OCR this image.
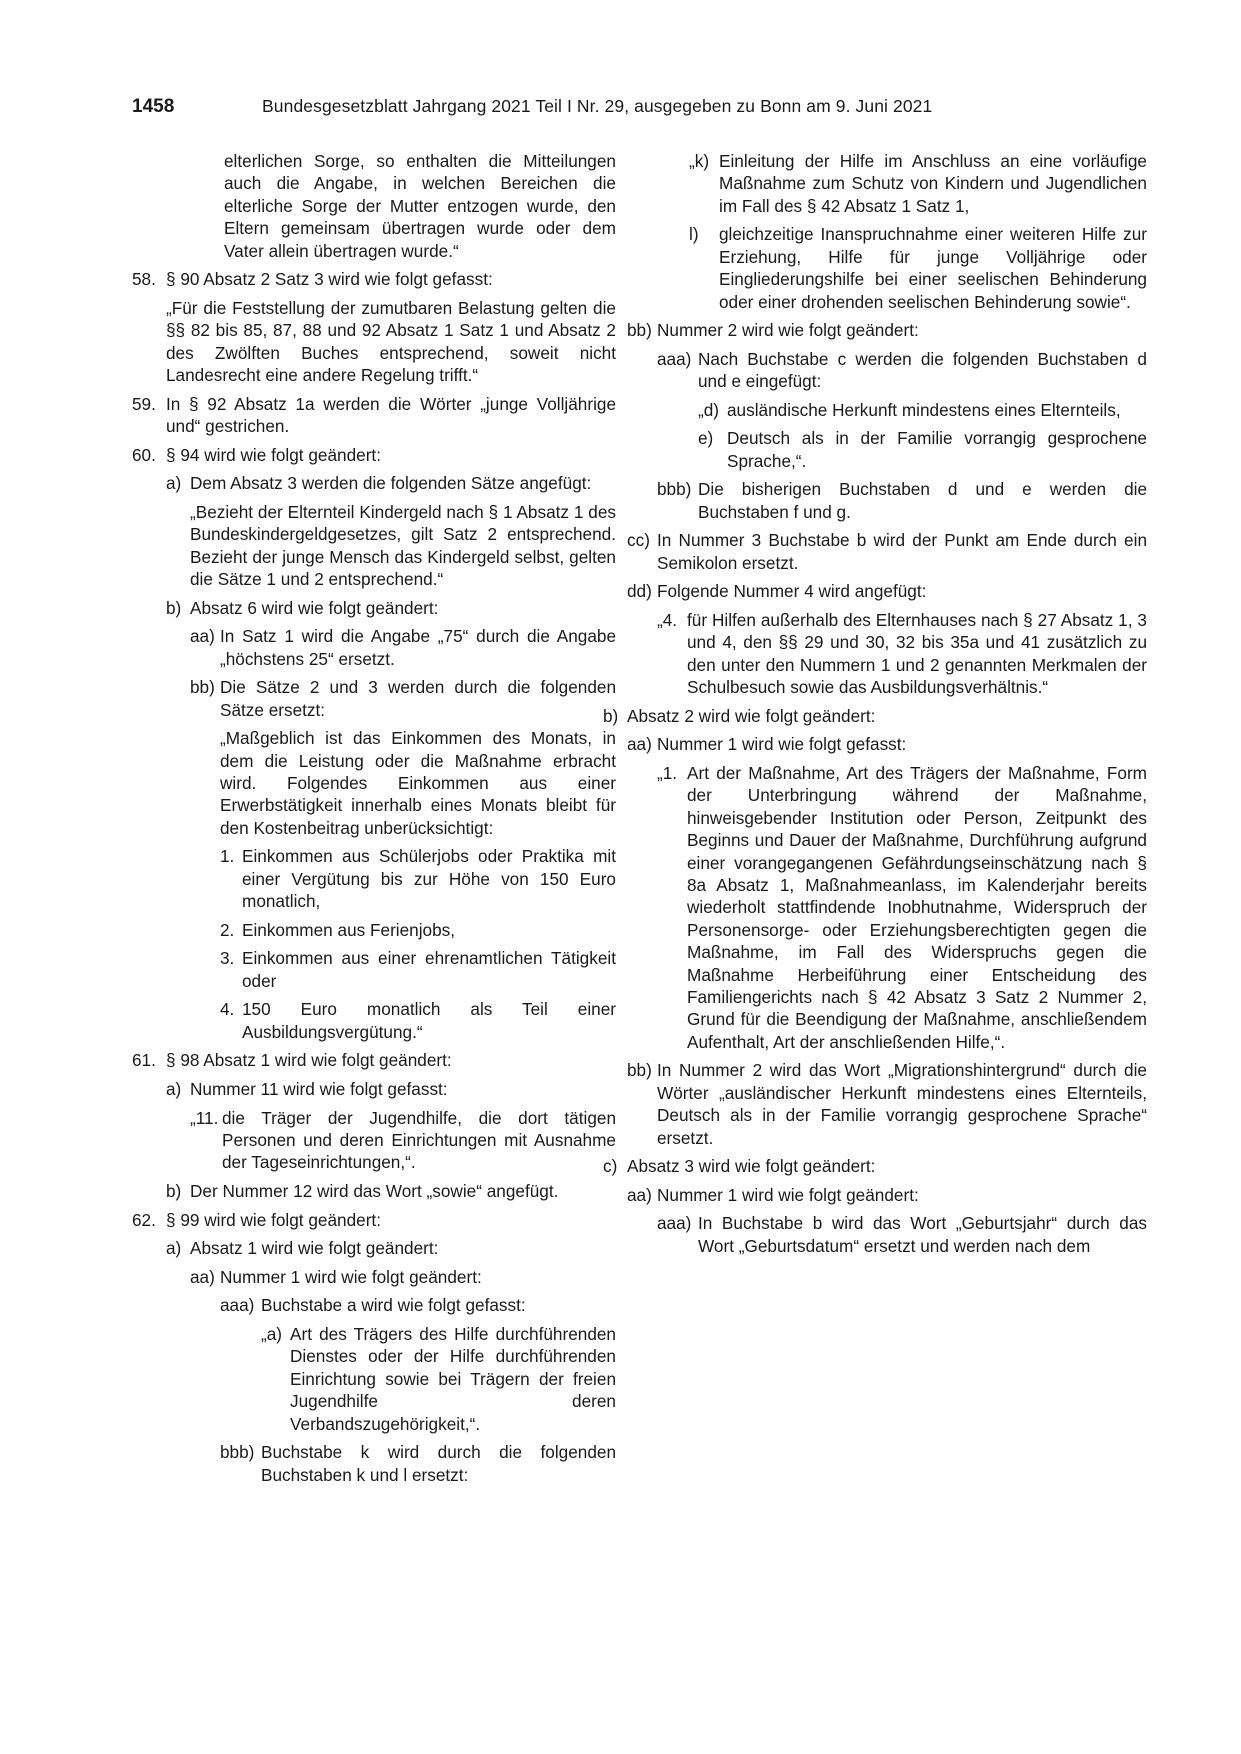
1458	Bundesgesetzblatt Jahrgang 2021 Teil I Nr. 29, ausgegeben zu Bonn am 9. Juni 2021
elterlichen Sorge, so enthalten die Mitteilungen auch die Angabe, in welchen Bereichen die elterliche Sorge der Mutter entzogen wurde, den Eltern gemeinsam übertragen wurde oder dem Vater allein übertragen wurde.“
58. § 90 Absatz 2 Satz 3 wird wie folgt gefasst:
„Für die Feststellung der zumutbaren Belastung gelten die §§ 82 bis 85, 87, 88 und 92 Absatz 1 Satz 1 und Absatz 2 des Zwölften Buches entsprechend, soweit nicht Landesrecht eine andere Regelung trifft.“
59. In § 92 Absatz 1a werden die Wörter „junge Volljährige und“ gestrichen.
60. § 94 wird wie folgt geändert:
a) Dem Absatz 3 werden die folgenden Sätze angefügt:
„Bezieht der Elternteil Kindergeld nach § 1 Absatz 1 des Bundeskindergeldgesetzes, gilt Satz 2 entsprechend. Bezieht der junge Mensch das Kindergeld selbst, gelten die Sätze 1 und 2 entsprechend.“
b) Absatz 6 wird wie folgt geändert:
aa) In Satz 1 wird die Angabe „75“ durch die Angabe „höchstens 25“ ersetzt.
bb) Die Sätze 2 und 3 werden durch die folgenden Sätze ersetzt:
„Maßgeblich ist das Einkommen des Monats, in dem die Leistung oder die Maßnahme erbracht wird. Folgendes Einkommen aus einer Erwerbstätigkeit innerhalb eines Monats bleibt für den Kostenbeitrag unberücksichtigt:
1. Einkommen aus Schülerjobs oder Praktika mit einer Vergütung bis zur Höhe von 150 Euro monatlich,
2. Einkommen aus Ferienjobs,
3. Einkommen aus einer ehrenamtlichen Tätigkeit oder
4. 150 Euro monatlich als Teil einer Ausbildungsvergütung.“
61. § 98 Absatz 1 wird wie folgt geändert:
a) Nummer 11 wird wie folgt gefasst:
„11. die Träger der Jugendhilfe, die dort tätigen Personen und deren Einrichtungen mit Ausnahme der Tageseinrichtungen,“.
b) Der Nummer 12 wird das Wort „sowie“ angefügt.
62. § 99 wird wie folgt geändert:
a) Absatz 1 wird wie folgt geändert:
aa) Nummer 1 wird wie folgt geändert:
aaa) Buchstabe a wird wie folgt gefasst:
„a) Art des Trägers des Hilfe durchführenden Dienstes oder der Hilfe durchführenden Einrichtung sowie bei Trägern der freien Jugendhilfe deren Verbandszugehörigkeit,“.
bbb) Buchstabe k wird durch die folgenden Buchstaben k und l ersetzt:
„k) Einleitung der Hilfe im Anschluss an eine vorläufige Maßnahme zum Schutz von Kindern und Jugendlichen im Fall des § 42 Absatz 1 Satz 1,
l)	gleichzeitige Inanspruchnahme einer weiteren Hilfe zur Erziehung, Hilfe für junge Volljährige oder Eingliederungshilfe bei einer seelischen Behinderung oder einer drohenden seelischen Behinderung sowie“.
bb) Nummer 2 wird wie folgt geändert:
aaa) Nach Buchstabe c werden die folgenden Buchstaben d und e eingefügt:
„d) ausländische Herkunft mindestens eines Elternteils,
e) Deutsch als in der Familie vorrangig gesprochene Sprache,“.
bbb) Die bisherigen Buchstaben d und e werden die Buchstaben f und g.
cc) In Nummer 3 Buchstabe b wird der Punkt am Ende durch ein Semikolon ersetzt.
dd) Folgende Nummer 4 wird angefügt:
„4. für Hilfen außerhalb des Elternhauses nach § 27 Absatz 1, 3 und 4, den §§ 29 und 30, 32 bis 35a und 41 zusätzlich zu den unter den Nummern 1 und 2 genannten Merkmalen der Schulbesuch sowie das Ausbildungsverhältnis.“
b) Absatz 2 wird wie folgt geändert:
aa) Nummer 1 wird wie folgt gefasst:
„1. Art der Maßnahme, Art des Trägers der Maßnahme, Form der Unterbringung während der Maßnahme, hinweisgebender Institution oder Person, Zeitpunkt des Beginns und Dauer der Maßnahme, Durchführung aufgrund einer vorangegangenen Gefährdungseinschätzung nach § 8a Absatz 1, Maßnahmeanlass, im Kalenderjahr bereits wiederholt stattfindende Inobhutnahme, Widerspruch der Personensorge- oder Erziehungsberechtigten gegen die Maßnahme, im Fall des Widerspruchs gegen die Maßnahme Herbeiführung einer Entscheidung des Familiengerichts nach § 42 Absatz 3 Satz 2 Nummer 2, Grund für die Beendigung der Maßnahme, anschließendem Aufenthalt, Art der anschließenden Hilfe,“.
bb) In Nummer 2 wird das Wort „Migrationshintergrund“ durch die Wörter „ausländischer Herkunft mindestens eines Elternteils, Deutsch als in der Familie vorrangig gesprochene Sprache“ ersetzt.
c) Absatz 3 wird wie folgt geändert:
aa) Nummer 1 wird wie folgt geändert:
aaa) In Buchstabe b wird das Wort „Geburtsjahr“ durch das Wort „Geburtsdatum“ ersetzt und werden nach dem
